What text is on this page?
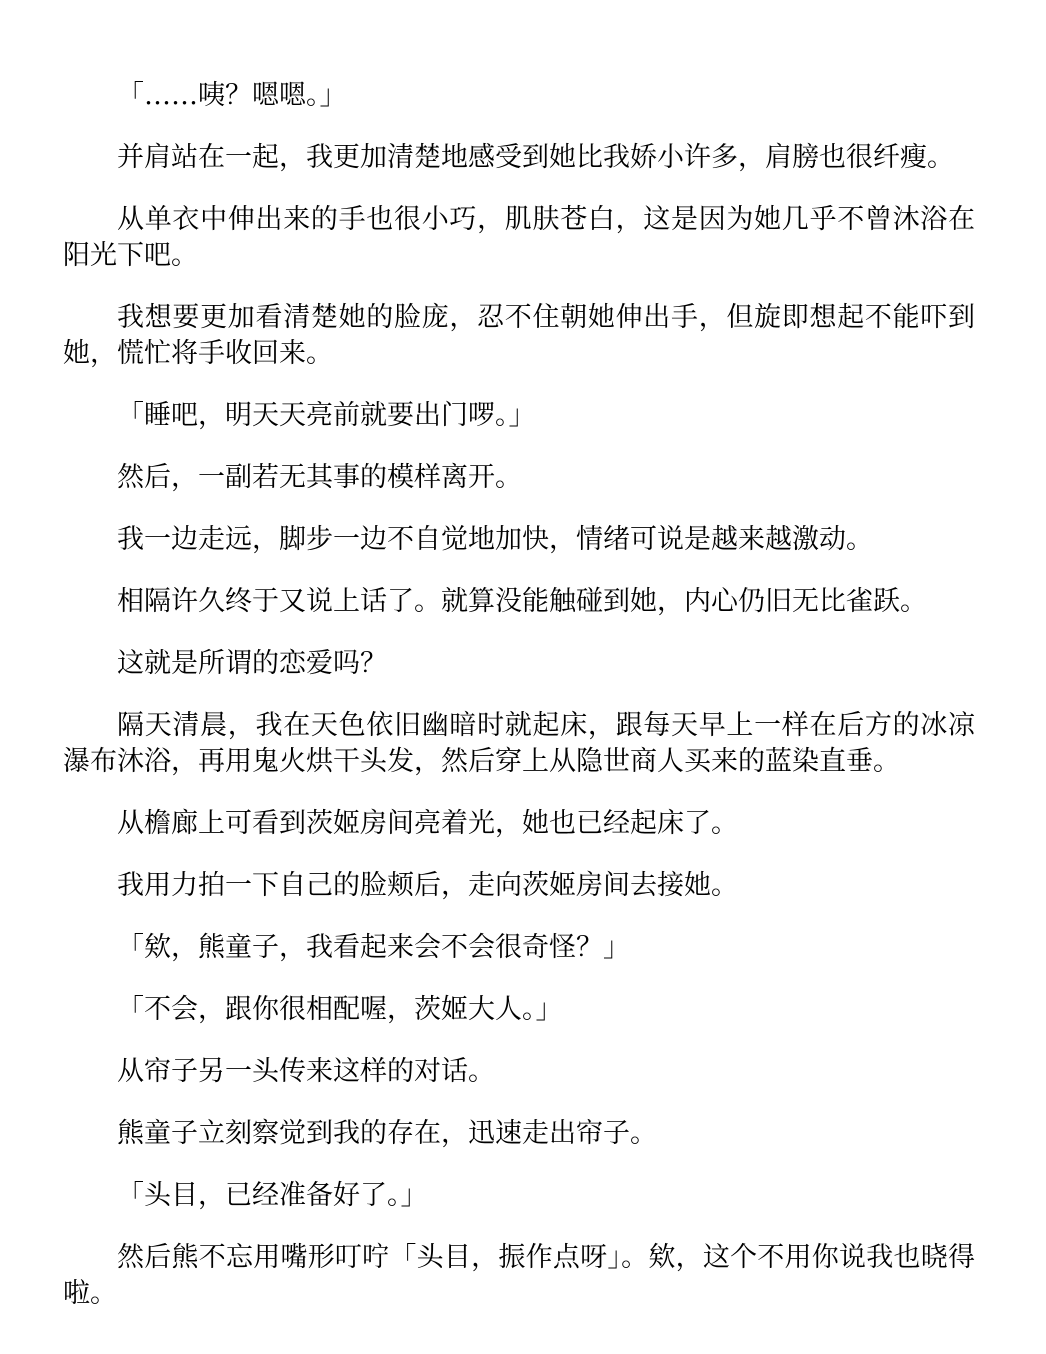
「……咦？嗯嗯。」

并肩站在一起，我更加清楚地感受到她比我娇小许多，肩膀也很纤瘦。

从单衣中伸出来的手也很小巧，肌肤苍白，这是因为她几乎不曾沐浴在阳光下吧。

我想要更加看清楚她的脸庞，忍不住朝她伸出手，但旋即想起不能吓到她，慌忙将手收回来。

「睡吧，明天天亮前就要出门啰。」

然后，一副若无其事的模样离开。

我一边走远，脚步一边不自觉地加快，情绪可说是越来越激动。

相隔许久终于又说上话了。就算没能触碰到她，内心仍旧无比雀跃。

这就是所谓的恋爱吗？

隔天清晨，我在天色依旧幽暗时就起床，跟每天早上一样在后方的冰凉瀑布沐浴，再用鬼火烘干头发，然后穿上从隐世商人买来的蓝染直垂。

从檐廊上可看到茨姬房间亮着光，她也已经起床了。

我用力拍一下自己的脸颊后，走向茨姬房间去接她。

「欸，熊童子，我看起来会不会很奇怪？」

「不会，跟你很相配喔，茨姬大人。」

从帘子另一头传来这样的对话。

熊童子立刻察觉到我的存在，迅速走出帘子。

「头目，已经准备好了。」

然后熊不忘用嘴形叮咛「头目，振作点呀」。欸，这个不用你说我也晓得啦。
